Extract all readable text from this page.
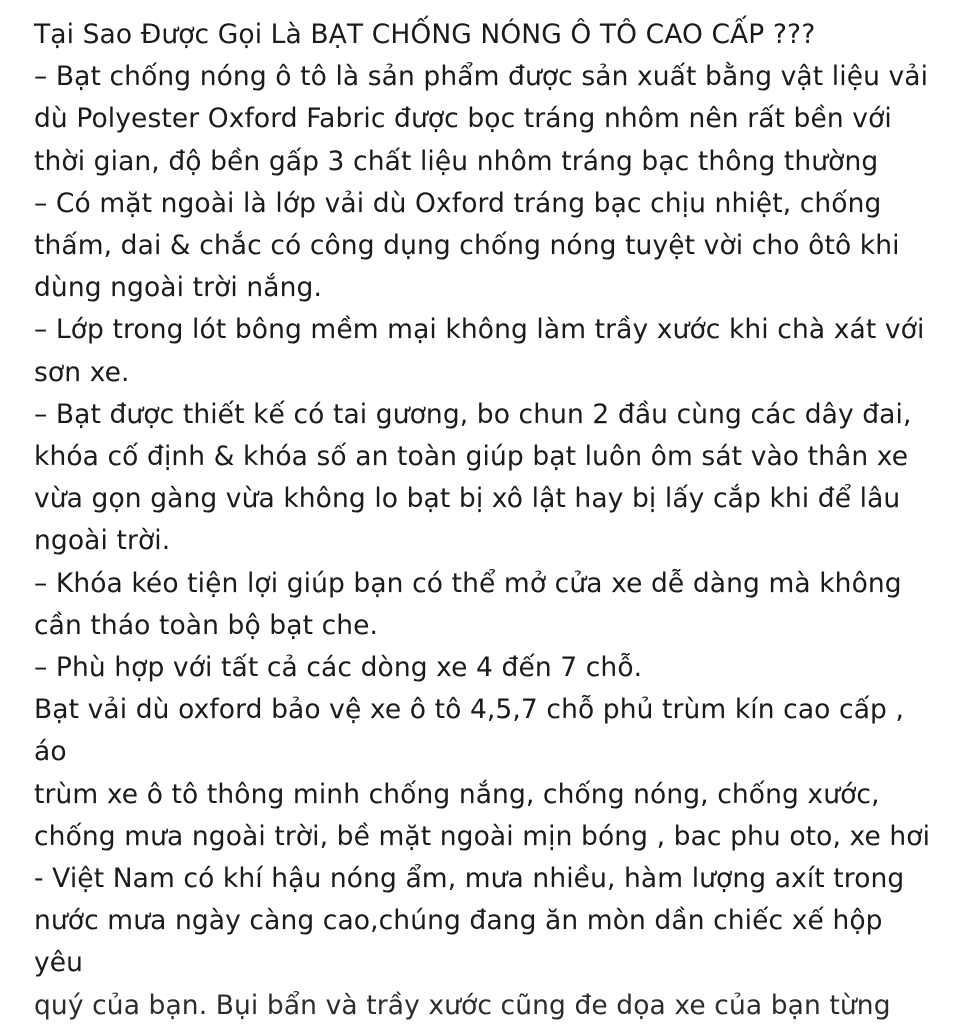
Tại Sao Được Gọi Là BẠT CHỐNG NÓNG Ô TÔ CAO CẤP ???
– Bạt chống nóng ô tô là sản phẩm được sản xuất bằng vật liệu vải
dù Polyester Oxford Fabric được bọc tráng nhôm nên rất bền với
thời gian, độ bền gấp 3 chất liệu nhôm tráng bạc thông thường
– Có mặt ngoài là lớp vải dù Oxford tráng bạc chịu nhiệt, chống
thấm, dai & chắc có công dụng chống nóng tuyệt vời cho ôtô khi
dùng ngoài trời nắng.
– Lớp trong lót bông mềm mại không làm trầy xước khi chà xát với
sơn xe.
– Bạt được thiết kế có tai gương, bo chun 2 đầu cùng các dây đai,
khóa cố định & khóa số an toàn giúp bạt luôn ôm sát vào thân xe
vừa gọn gàng vừa không lo bạt bị xô lật hay bị lấy cắp khi để lâu
ngoài trời.
– Khóa kéo tiện lợi giúp bạn có thể mở cửa xe dễ dàng mà không
cần tháo toàn bộ bạt che.
– Phù hợp với tất cả các dòng xe 4 đến 7 chỗ.
Bạt vải dù oxford bảo vệ xe ô tô 4,5,7 chỗ phủ trùm kín cao cấp , áo
trùm xe ô tô thông minh chống nắng, chống nóng, chống xước,
chống mưa ngoài trời, bề mặt ngoài mịn bóng , bac phu oto, xe hơi
- Việt Nam có khí hậu nóng ẩm, mưa nhiều, hàm lượng axít trong
nước mưa ngày càng cao,chúng đang ăn mòn dần chiếc xế hộp yêu
quý của bạn. Bụi bẩn và trầy xước cũng đe dọa xe của bạn từng
